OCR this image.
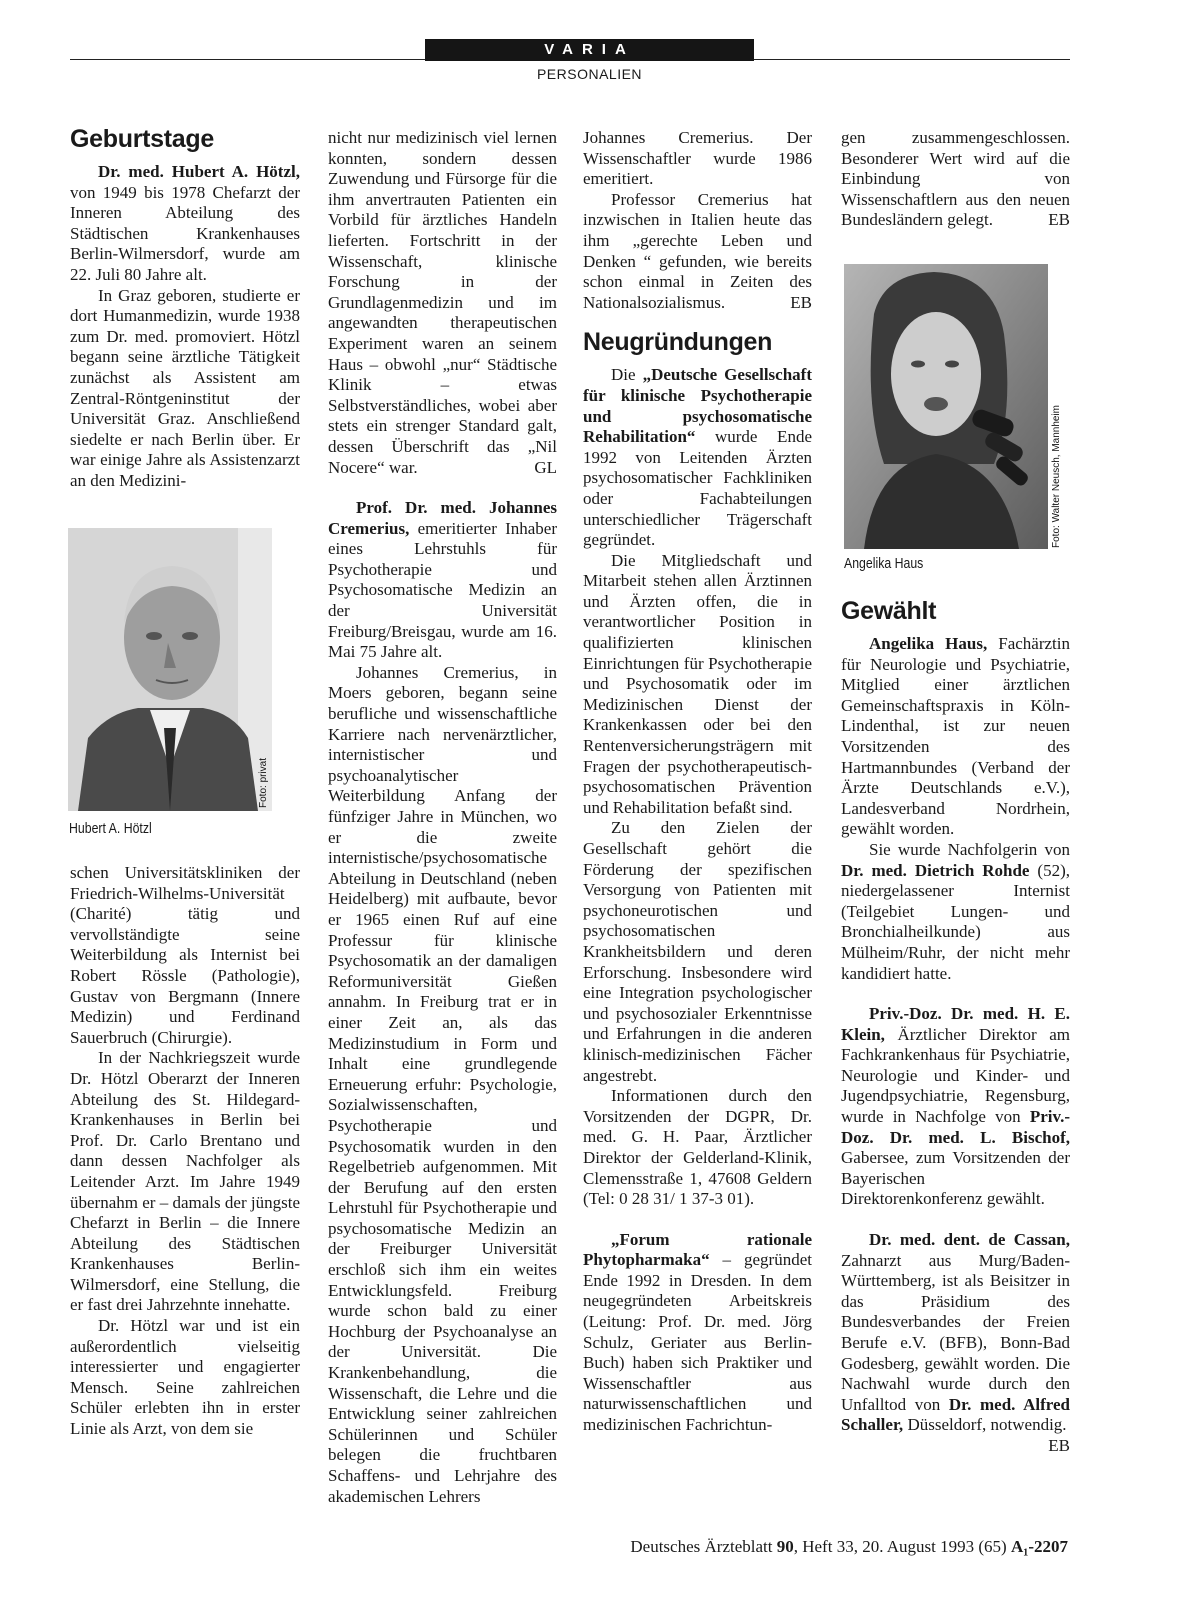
VARIA
PERSONALIEN
Geburtstage

Dr. med. Hubert A. Hötzl, von 1949 bis 1978 Chefarzt der Inneren Abteilung des Städtischen Krankenhauses Berlin-Wilmersdorf, wurde am 22. Juli 80 Jahre alt.

In Graz geboren, studierte er dort Humanmedizin, wurde 1938 zum Dr. med. promoviert. Hötzl begann seine ärztliche Tätigkeit zunächst als Assistent am Zentral-Röntgeninstitut der Universität Graz. Anschließend siedelte er nach Berlin über. Er war einige Jahre als Assistenzarzt an den Medizini-

Foto: privat
Hubert A. Hötzl

schen Universitätskliniken der Friedrich-Wilhelms-Universität (Charité) tätig und vervollständigte seine Weiterbildung als Internist bei Robert Rössle (Pathologie), Gustav von Bergmann (Innere Medizin) und Ferdinand Sauerbruch (Chirurgie).

In der Nachkriegszeit wurde Dr. Hötzl Oberarzt der Inneren Abteilung des St. Hildegard-Krankenhauses in Berlin bei Prof. Dr. Carlo Brentano und dann dessen Nachfolger als Leitender Arzt. Im Jahre 1949 übernahm er – damals der jüngste Chefarzt in Berlin – die Innere Abteilung des Städtischen Krankenhauses Berlin-Wilmersdorf, eine Stellung, die er fast drei Jahrzehnte innehatte.

Dr. Hötzl war und ist ein außerordentlich vielseitig interessierter und engagierter Mensch. Seine zahlreichen Schüler erlebten ihn in erster Linie als Arzt, von dem sie

nicht nur medizinisch viel lernen konnten, sondern dessen Zuwendung und Fürsorge für die ihm anvertrauten Patienten ein Vorbild für ärztliches Handeln lieferten. Fortschritt in der Wissenschaft, klinische Forschung in der Grundlagenmedizin und im angewandten therapeutischen Experiment waren an seinem Haus – obwohl „nur“ Städtische Klinik – etwas Selbstverständliches, wobei aber stets ein strenger Standard galt, dessen Überschrift das „Nil Nocere“ war.	GL

Prof. Dr. med. Johannes Cremerius, emeritierter Inhaber eines Lehrstuhls für Psychotherapie und Psychosomatische Medizin an der Universität Freiburg/Breisgau, wurde am 16. Mai 75 Jahre alt.

Johannes Cremerius, in Moers geboren, begann seine berufliche und wissenschaftliche Karriere nach nervenärztlicher, internistischer und psychoanalytischer Weiterbildung Anfang der fünfziger Jahre in München, wo er die zweite internistische/psychosomatische Abteilung in Deutschland (neben Heidelberg) mit aufbaute, bevor er 1965 einen Ruf auf eine Professur für klinische Psychosomatik an der damaligen Reformuniversität Gießen annahm. In Freiburg trat er in einer Zeit an, als das Medizinstudium in Form und Inhalt eine grundlegende Erneuerung erfuhr: Psychologie, Sozialwissenschaften, Psychotherapie und Psychosomatik wurden in den Regelbetrieb aufgenommen. Mit der Berufung auf den ersten Lehrstuhl für Psychotherapie und psychosomatische Medizin an der Freiburger Universität erschloß sich ihm ein weites Entwicklungsfeld. Freiburg wurde schon bald zu einer Hochburg der Psychoanalyse an der Universität. Die Krankenbehandlung, die Wissenschaft, die Lehre und die Entwicklung seiner zahlreichen Schülerinnen und Schüler belegen die fruchtbaren Schaffens- und Lehrjahre des akademischen Lehrers

Johannes Cremerius. Der Wissenschaftler wurde 1986 emeritiert.

Professor Cremerius hat inzwischen in Italien heute das ihm „gerechte Leben und Denken “ gefunden, wie bereits schon einmal in Zeiten des Nationalsozialismus.	EB

Neugründungen

Die „Deutsche Gesellschaft für klinische Psychotherapie und psychosomatische Rehabilitation“ wurde Ende 1992 von Leitenden Ärzten psychosomatischer Fachkliniken oder Fachabteilungen unterschiedlicher Trägerschaft gegründet.

Die Mitgliedschaft und Mitarbeit stehen allen Ärztinnen und Ärzten offen, die in verantwortlicher Position in qualifizierten klinischen Einrichtungen für Psychotherapie und Psychosomatik oder im Medizinischen Dienst der Krankenkassen oder bei den Rentenversicherungsträgern mit Fragen der psychotherapeutisch-psychosomatischen Prävention und Rehabilitation befaßt sind.

Zu den Zielen der Gesellschaft gehört die Förderung der spezifischen Versorgung von Patienten mit psychoneurotischen und psychosomatischen Krankheitsbildern und deren Erforschung. Insbesondere wird eine Integration psychologischer und psychosozialer Erkenntnisse und Erfahrungen in die anderen klinisch-medizinischen Fächer angestrebt.

Informationen durch den Vorsitzenden der DGPR, Dr. med. G. H. Paar, Ärztlicher Direktor der Gelderland-Klinik, Clemensstraße 1, 47608 Geldern (Tel: 0 28 31/ 1 37-3 01).

„Forum rationale Phytopharmaka“ – gegründet Ende 1992 in Dresden. In dem neugegründeten Arbeitskreis (Leitung: Prof. Dr. med. Jörg Schulz, Geriater aus Berlin-Buch) haben sich Praktiker und Wissenschaftler aus naturwissenschaftlichen und medizinischen Fachrichtun-

gen zusammengeschlossen. Besonderer Wert wird auf die Einbindung von Wissenschaftlern aus den neuen Bundesländern gelegt.	EB

Foto: Walter Neusch, Mannheim
Angelika Haus
Gewählt

Angelika Haus, Fachärztin für Neurologie und Psychiatrie, Mitglied einer ärztlichen Gemeinschaftspraxis in Köln-Lindenthal, ist zur neuen Vorsitzenden des Hartmannbundes (Verband der Ärzte Deutschlands e.V.), Landesverband Nordrhein, gewählt worden.

Sie wurde Nachfolgerin von Dr. med. Dietrich Rohde (52), niedergelassener Internist (Teilgebiet Lungen- und Bronchialheilkunde) aus Mülheim/Ruhr, der nicht mehr kandidiert hatte.

Priv.-Doz. Dr. med. H. E. Klein, Ärztlicher Direktor am Fachkrankenhaus für Psychiatrie, Neurologie und Kinder- und Jugendpsychiatrie, Regensburg, wurde in Nachfolge von Priv.-Doz. Dr. med. L. Bischof, Gabersee, zum Vorsitzenden der Bayerischen Direktorenkonferenz gewählt.

Dr. med. dent. de Cassan, Zahnarzt aus Murg/Baden-Württemberg, ist als Beisitzer in das Präsidium des Bundesverbandes der Freien Berufe e.V. (BFB), Bonn-Bad Godesberg, gewählt worden. Die Nachwahl wurde durch den Unfalltod von Dr. med. Alfred Schaller, Düsseldorf, notwendig.
EB

Deutsches Ärzteblatt 90, Heft 33, 20. August 1993 (65) A₁-2207
